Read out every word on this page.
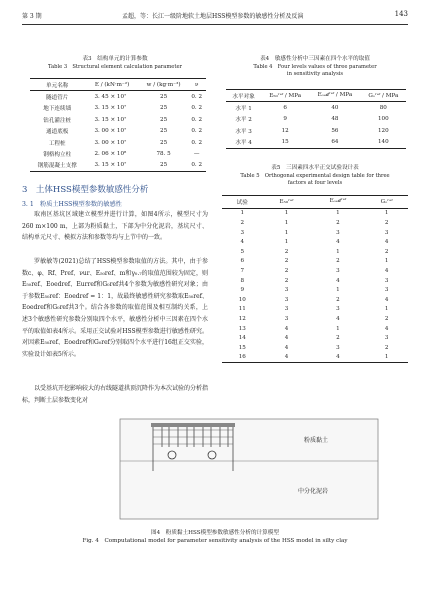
第 3 期	孟超，等：长江一级阶地软土地层HSS模型参数的敏感性分析及反演	143
表3　结构单元的计算参数
Table 3　Structural element calculation parameter
单元名称	E / (kN·m⁻²)	w / (kg·m⁻³)	ν
隧道管片	3. 45 × 10⁷	25	0. 2
地下连续墙	3. 15 × 10⁷	25	0. 2
钻孔灌注桩	3. 15 × 10⁷	25	0. 2
通道底板	3. 00 × 10⁷	25	0. 2
工程桩	3. 00 × 10⁷	25	0. 2
钢格构立柱	2. 06 × 10⁸	78. 5	—
钢筋混凝土支撑	3. 15 × 10⁷	25	0. 2
表4　敏感性分析中三因素在四个水平的取值
Table 4　Four levels values of three parameter
in sensitivity analysis
水平对象	E₅₀ʳᵉᶠ / MPa	Eₒₑ𝒹ʳᵉᶠ / MPa	Gₒʳᵉᶠ / MPa
水平 1	6	40	80
水平 2	9	48	100
水平 3	12	56	120
水平 4	15	64	140
表5　三因素四水平正交试验设计表
Table 5　Orthogonal experimental design table for three
factors at four levels
试验	E₅₀ʳᵉᶠ	Eₒₑ𝒹ʳᵉᶠ	Gₒʳᵉᶠ
1	1	1	1
2	1	2	2
3	1	3	3
4	1	4	4
5	2	1	2
6	2	2	1
7	2	3	4
8	2	4	3
9	3	1	3
10	3	2	4
11	3	3	1
12	3	4	2
13	4	1	4
14	4	2	3
15	4	3	2
16	4	4	1
3　土体HSS模型参数敏感性分析
3. 1　粉质土HSS模型参数的敏感性

取南区基坑区域建立模型并进行计算，如图4所示，模型尺寸为260 m×100 m，上部为粉质黏土，下部为中分化泥岩，基坑尺寸、结构单元尺寸、模拟方法和参数等均与上节中的一致。

罗敏敏等(2021)总结了HSS模型参数取值的方法。其中，由于参数c、φ、Rf、Pref、νur、E₅₀ref、m和γ₀.₇的取值范围较为固定，则E₅₀ref、Eoedref、Eurref和G₀ref共4个参数为敏感性研究对象；由于参数E₅₀ref：Eoedref = 1：1，故最终敏感性研究参数取E₅₀ref、Eoedref和G₀ref共3个。结合各参数的取值范围及相互制约关系，上述3个敏感性研究参数分别取四个水平，敏感性分析中三因素在四个水平的取值如表4所示。采用正交试验对HSS模型参数进行敏感性研究。对因素E₅₀ref、Eoedref和G₀ref分别取四个水平进行16组正交实验，实验设计如表5所示。

以受基坑开挖影响较大的右线隧道拱顶沉降作为本次试验的分析指标，判断土层参数变化对

粉质黏土
中分化泥岩
图4　粉质黏土HSS模型参数敏感性分析的计算模型
Fig. 4　Computational model for parameter sensitivity analysis of the HSS model in silty clay
